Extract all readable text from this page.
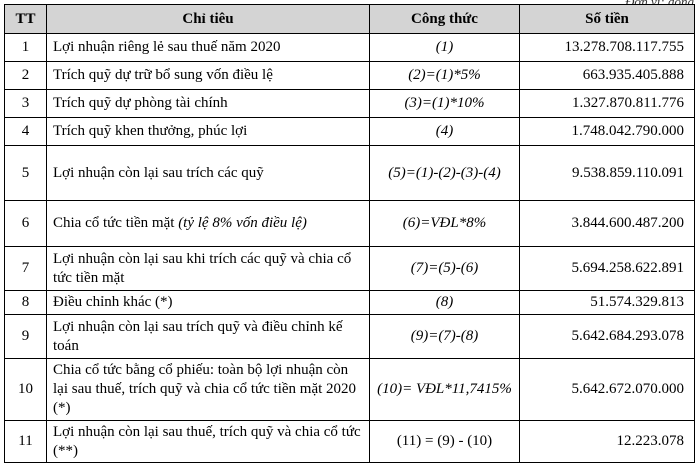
TT	Chỉ tiêu	Công thức	Số tiền
1	Lợi nhuận riêng lẻ sau thuế năm 2020	(1)	13.278.708.117.755
2	Trích quỹ dự trữ bổ sung vốn điều lệ	(2)=(1)*5%	663.935.405.888
3	Trích quỹ dự phòng tài chính	(3)=(1)*10%	1.327.870.811.776
4	Trích quỹ khen thưởng, phúc lợi	(4)	1.748.042.790.000
5	Lợi nhuận còn lại sau trích các quỹ	(5)=(1)-(2)-(3)-(4)	9.538.859.110.091
6	Chia cổ tức tiền mặt (tỷ lệ 8% vốn điều lệ)	(6)=VĐL*8%	3.844.600.487.200
7	Lợi nhuận còn lại sau khi trích các quỹ và chia cổ tức tiền mặt	(7)=(5)-(6)	5.694.258.622.891
8	Điều chỉnh khác (*)	(8)	51.574.329.813
9	Lợi nhuận còn lại sau trích quỹ và điều chỉnh kế toán	(9)=(7)-(8)	5.642.684.293.078
10	Chia cổ tức bằng cổ phiếu: toàn bộ lợi nhuận còn lại sau thuế, trích quỹ và chia cổ tức tiền mặt 2020 (*)	(10)= VĐL*11,7415%	5.642.672.070.000
11	Lợi nhuận còn lại sau thuế, trích quỹ và chia cổ tức (**)	(11) = (9) - (10)	12.223.078
